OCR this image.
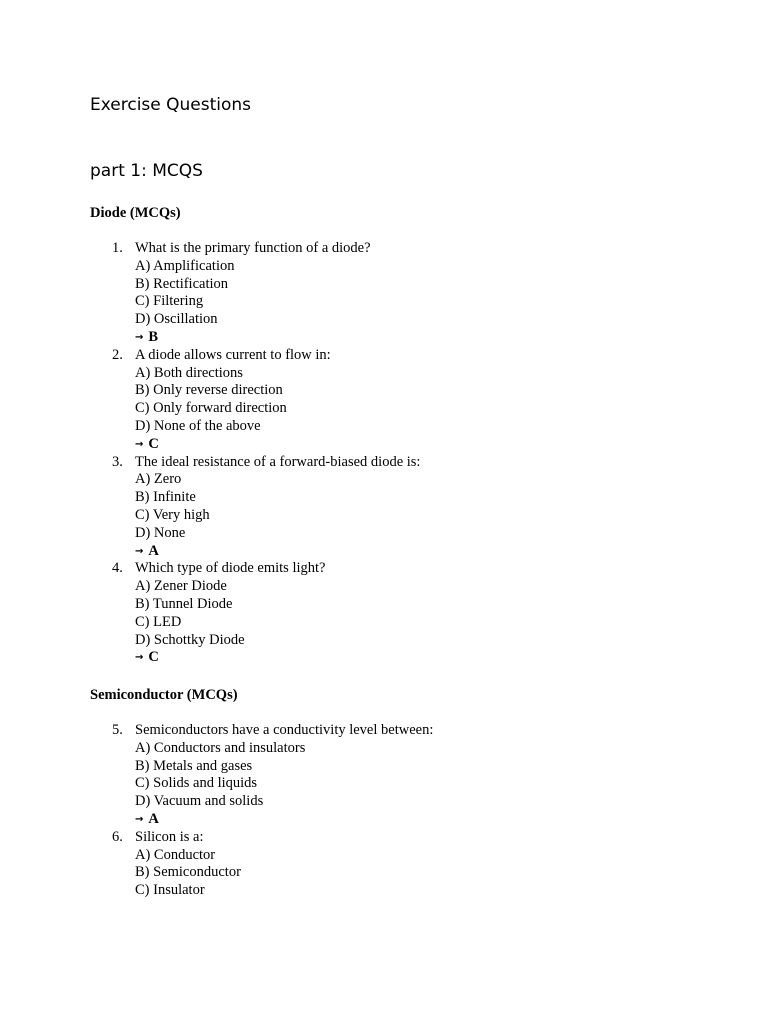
Exercise Questions
part 1: MCQS
Diode (MCQs)
1. What is the primary function of a diode?
A) Amplification
B) Rectification
C) Filtering
D) Oscillation
→ B
2. A diode allows current to flow in:
A) Both directions
B) Only reverse direction
C) Only forward direction
D) None of the above
→ C
3. The ideal resistance of a forward-biased diode is:
A) Zero
B) Infinite
C) Very high
D) None
→ A
4. Which type of diode emits light?
A) Zener Diode
B) Tunnel Diode
C) LED
D) Schottky Diode
→ C
Semiconductor (MCQs)
5. Semiconductors have a conductivity level between:
A) Conductors and insulators
B) Metals and gases
C) Solids and liquids
D) Vacuum and solids
→ A
6. Silicon is a:
A) Conductor
B) Semiconductor
C) Insulator
